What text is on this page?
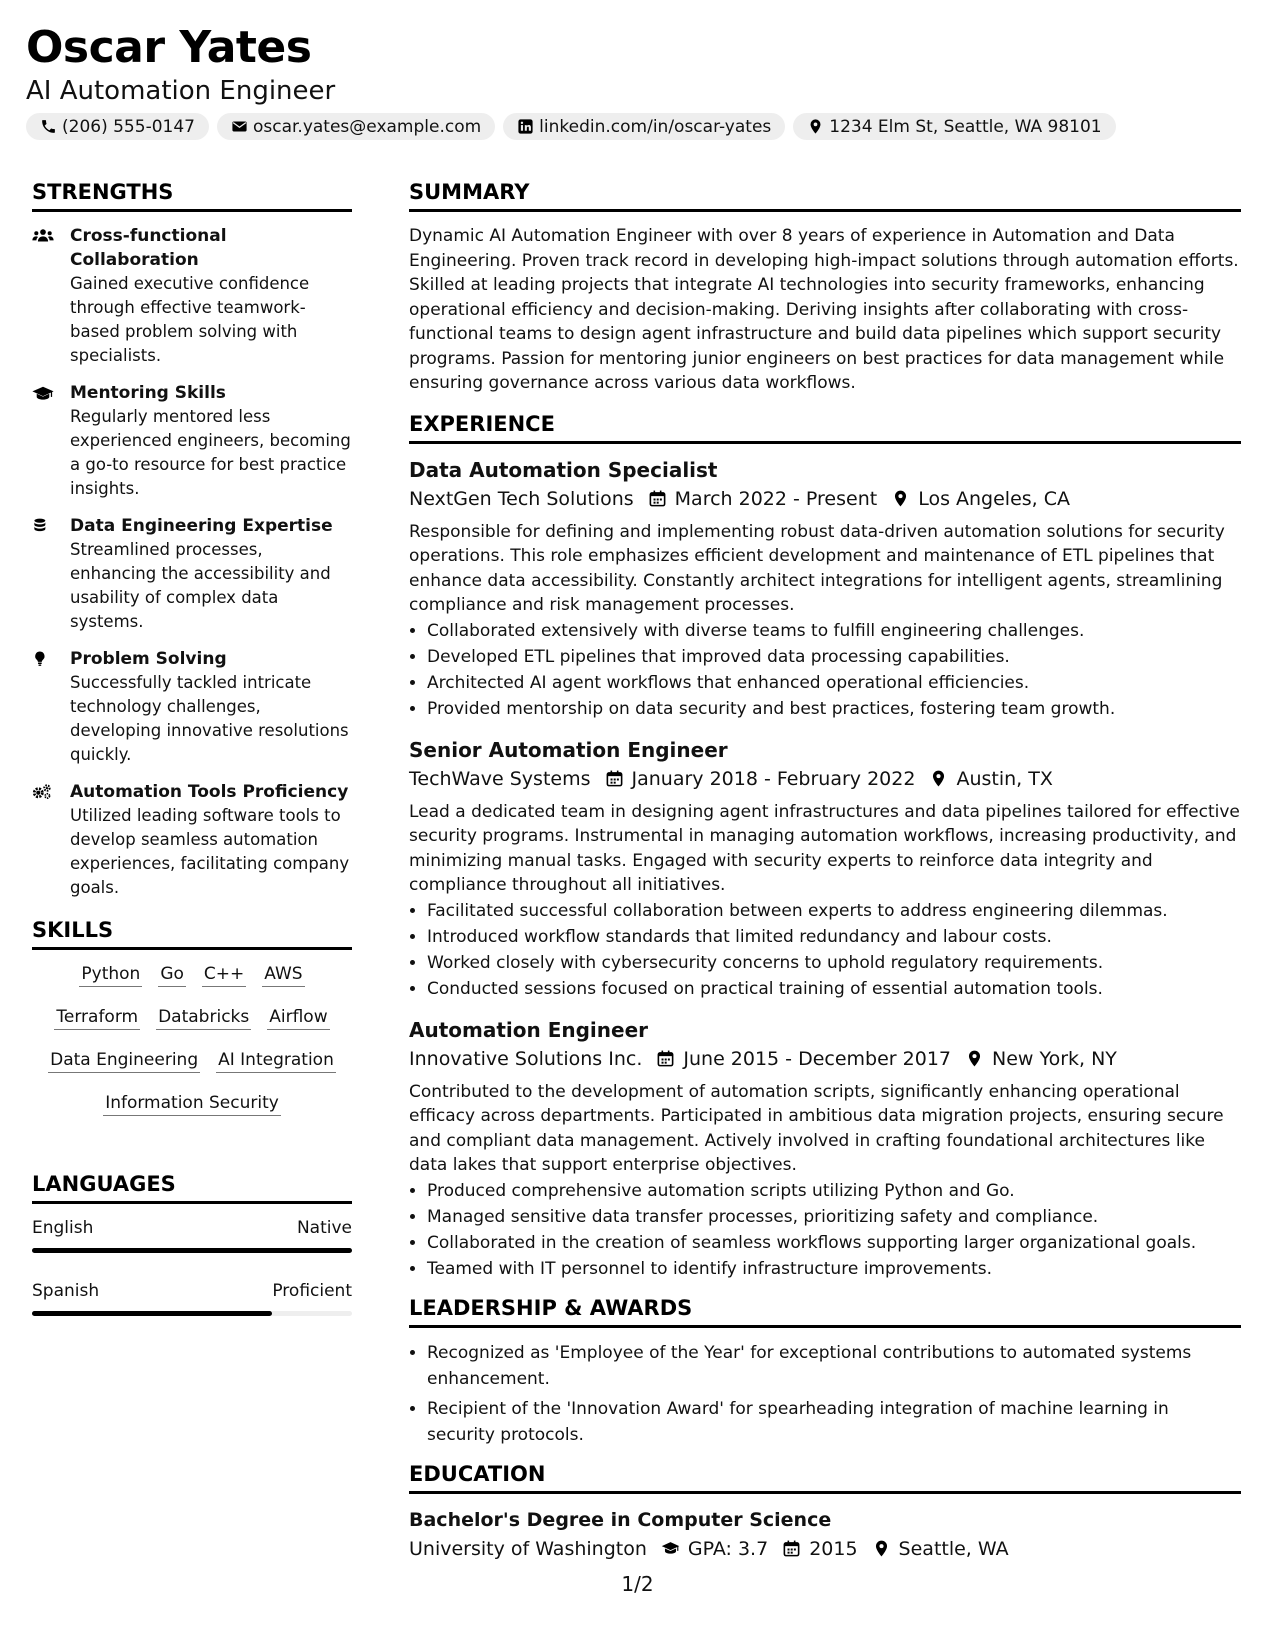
Oscar Yates
AI Automation Engineer
(206) 555-0147	oscar.yates@example.com	linkedin.com/in/oscar-yates	1234 Elm St, Seattle, WA 98101
STRENGTHS
Cross-functional Collaboration
Gained executive confidence through effective teamwork-based problem solving with specialists.
Mentoring Skills
Regularly mentored less experienced engineers, becoming a go-to resource for best practice insights.
Data Engineering Expertise
Streamlined processes, enhancing the accessibility and usability of complex data systems.
Problem Solving
Successfully tackled intricate technology challenges, developing innovative resolutions quickly.
Automation Tools Proficiency
Utilized leading software tools to develop seamless automation experiences, facilitating company goals.
SKILLS
Python Go C++ AWS
Terraform Databricks Airflow
Data Engineering AI Integration
Information Security
LANGUAGES
English	Native
Spanish	Proficient
SUMMARY
Dynamic AI Automation Engineer with over 8 years of experience in Automation and Data Engineering. Proven track record in developing high-impact solutions through automation efforts. Skilled at leading projects that integrate AI technologies into security frameworks, enhancing operational efficiency and decision-making. Deriving insights after collaborating with cross-functional teams to design agent infrastructure and build data pipelines which support security programs. Passion for mentoring junior engineers on best practices for data management while ensuring governance across various data workflows.
EXPERIENCE
Data Automation Specialist
NextGen Tech Solutions March 2022 - Present Los Angeles, CA

Responsible for defining and implementing robust data-driven automation solutions for security operations. This role emphasizes efficient development and maintenance of ETL pipelines that enhance data accessibility. Constantly architect integrations for intelligent agents, streamlining compliance and risk management processes.

• Collaborated extensively with diverse teams to fulfill engineering challenges.
• Developed ETL pipelines that improved data processing capabilities.
• Architected AI agent workflows that enhanced operational efficiencies.
• Provided mentorship on data security and best practices, fostering team growth.
Senior Automation Engineer
TechWave Systems January 2018 - February 2022 Austin, TX

Lead a dedicated team in designing agent infrastructures and data pipelines tailored for effective security programs. Instrumental in managing automation workflows, increasing productivity, and minimizing manual tasks. Engaged with security experts to reinforce data integrity and compliance throughout all initiatives.

• Facilitated successful collaboration between experts to address engineering dilemmas.
• Introduced workflow standards that limited redundancy and labour costs.
• Worked closely with cybersecurity concerns to uphold regulatory requirements.
• Conducted sessions focused on practical training of essential automation tools.
Automation Engineer
Innovative Solutions Inc. June 2015 - December 2017 New York, NY

Contributed to the development of automation scripts, significantly enhancing operational efficacy across departments. Participated in ambitious data migration projects, ensuring secure and compliant data management. Actively involved in crafting foundational architectures like data lakes that support enterprise objectives.

• Produced comprehensive automation scripts utilizing Python and Go.
• Managed sensitive data transfer processes, prioritizing safety and compliance.
• Collaborated in the creation of seamless workflows supporting larger organizational goals.
• Teamed with IT personnel to identify infrastructure improvements.
LEADERSHIP & AWARDS
• Recognized as 'Employee of the Year' for exceptional contributions to automated systems enhancement.
• Recipient of the 'Innovation Award' for spearheading integration of machine learning in security protocols.
EDUCATION
Bachelor's Degree in Computer Science
University of Washington GPA: 3.7 2015 Seattle, WA
1/2
